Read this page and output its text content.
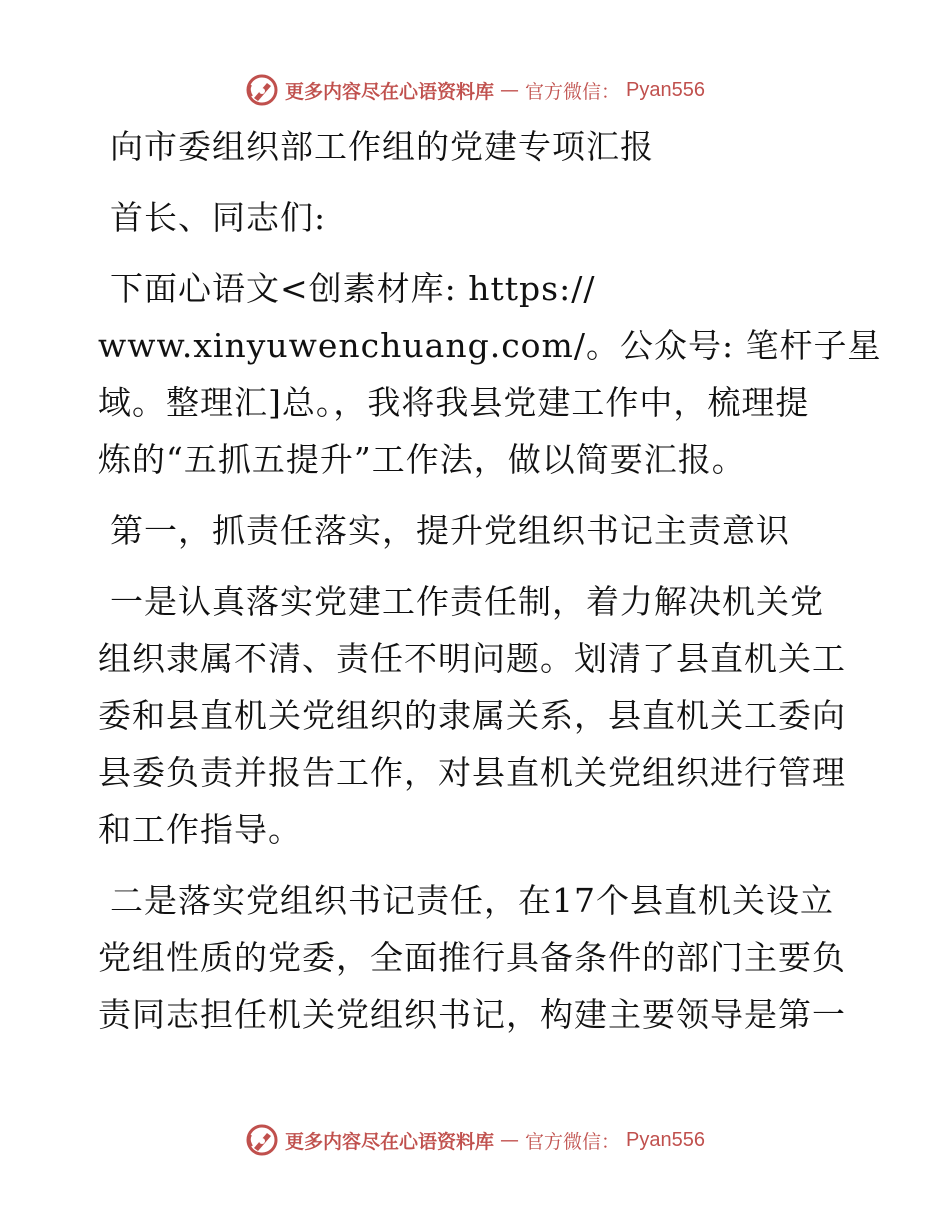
更多内容尽在心语资料库 — 官方微信： Pyan556
向市委组织部工作组的党建专项汇报
首长、同志们:
下面心语文<创素材库: https://
www.xinyuwenchuang.com/。公众号: 笔杆子星
域。整理汇]总。，我将我县党建工作中，梳理提
炼的“五抓五提升”工作法，做以简要汇报。
第一，抓责任落实，提升党组织书记主责意识
一是认真落实党建工作责任制，着力解决机关党
组织隶属不清、责任不明问题。划清了县直机关工
委和县直机关党组织的隶属关系，县直机关工委向
县委负责并报告工作，对县直机关党组织进行管理
和工作指导。
二是落实党组织书记责任，在17个县直机关设立
党组性质的党委，全面推行具备条件的部门主要负
责同志担任机关党组织书记，构建主要领导是第一
更多内容尽在心语资料库 — 官方微信： Pyan556
